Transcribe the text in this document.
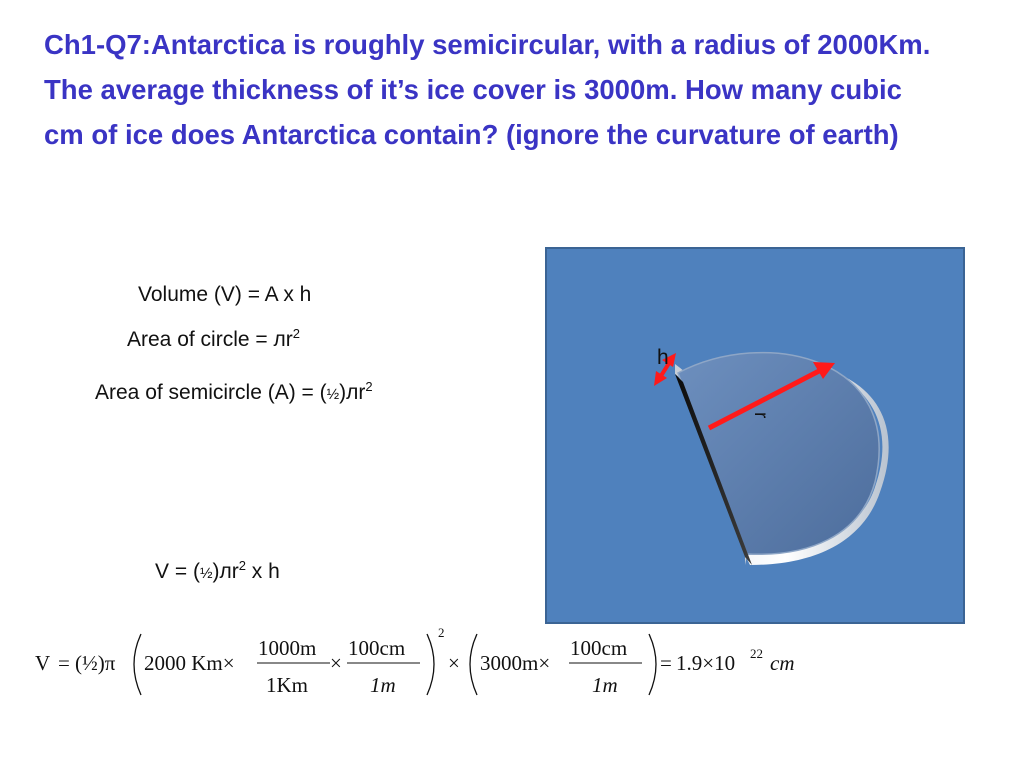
Ch1-Q7:Antarctica is roughly semicircular, with a radius of 2000Km.
The average thickness of it’s ice cover is 3000m. How many cubic
cm of ice does Antarctica contain? (ignore the curvature of earth)
Volume (V) = A x h
Area of circle = $лr^2$
Area of semicircle $(A) = (\frac{1}{2})лr^2$
$V = (\frac{1}{2})лr^2$ x h
h
r
V = (½)π 2000 Km×
1000m
1Km
×
100cm
1m
2
× 3000m×
100cm
1m
= 1.9×10 22 cm
